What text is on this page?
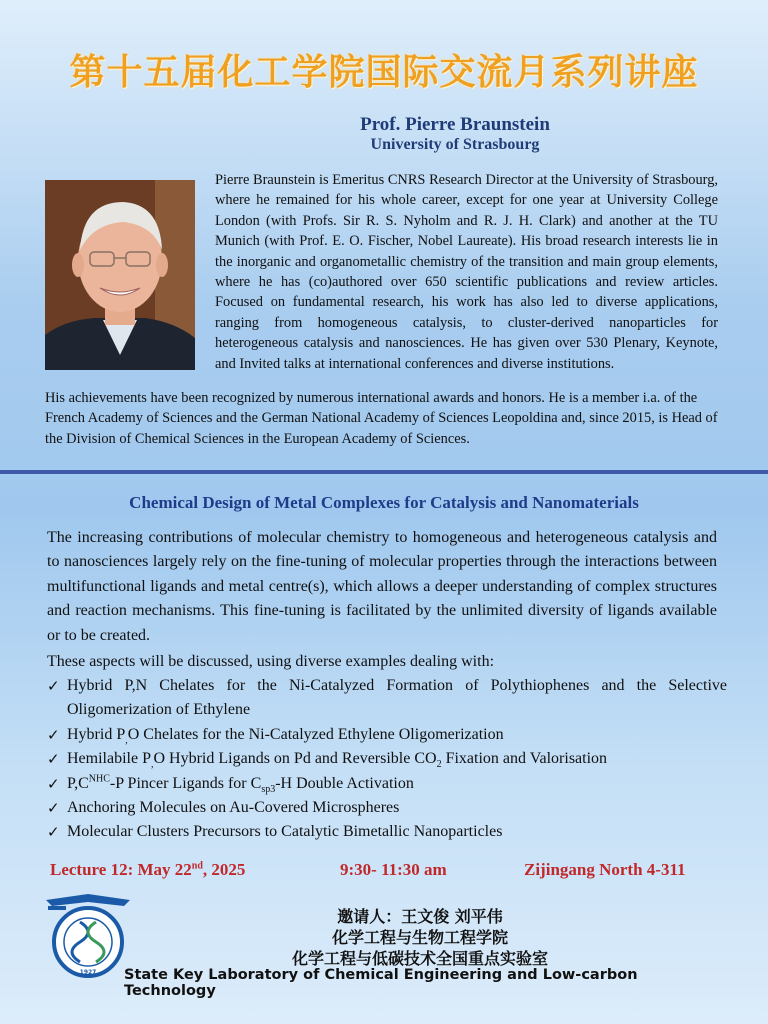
第十五届化工学院国际交流月系列讲座
Prof. Pierre Braunstein
University of Strasbourg
Pierre Braunstein is Emeritus CNRS Research Director at the University of Strasbourg, where he remained for his whole career, except for one year at University College London (with Profs. Sir R. S. Nyholm and R. J. H. Clark) and another at the TU Munich (with Prof. E. O. Fischer, Nobel Laureate). His broad research interests lie in the inorganic and organometallic chemistry of the transition and main group elements, where he has (co)authored over 650 scientific publications and review articles. Focused on fundamental research, his work has also led to diverse applications, ranging from homogeneous catalysis, to cluster-derived nanoparticles for heterogeneous catalysis and nanosciences. He has given over 530 Plenary, Keynote, and Invited talks at international conferences and diverse institutions.
His achievements have been recognized by numerous international awards and honors. He is a member i.a. of the French Academy of Sciences and the German National Academy of Sciences Leopoldina and, since 2015, is Head of the Division of Chemical Sciences in the European Academy of Sciences.
Chemical Design of Metal Complexes for Catalysis and Nanomaterials
The increasing contributions of molecular chemistry to homogeneous and heterogeneous catalysis and to nanosciences largely rely on the fine-tuning of molecular properties through the interactions between multifunctional ligands and metal centre(s), which allows a deeper understanding of complex structures and reaction mechanisms. This fine-tuning is facilitated by the unlimited diversity of ligands available or to be created.
These aspects will be discussed, using diverse examples dealing with:
✓ Hybrid P,N Chelates for the Ni-Catalyzed Formation of Polythiophenes and the Selective Oligomerization of Ethylene
✓ Hybrid $P_,O$ Chelates for the Ni-Catalyzed Ethylene Oligomerization
✓ Hemilabile $P_,O$ Hybrid Ligands on Pd and Reversible $CO_2$ Fixation and Valorisation
✓ $P,C^{NHC}-P$ Pincer Ligands for $C_{sp3}-H$ Double Activation
✓ Anchoring Molecules on Au-Covered Microspheres
✓ Molecular Clusters Precursors to Catalytic Bimetallic Nanoparticles
Lecture 12: May 22nd, 2025	9:30- 11:30 am	Zijingang North 4-311
1927
邀请人：王文俊 刘平伟
化学工程与生物工程学院
化学工程与低碳技术全国重点实验室
State Key Laboratory of Chemical Engineering and Low-carbon Technology
